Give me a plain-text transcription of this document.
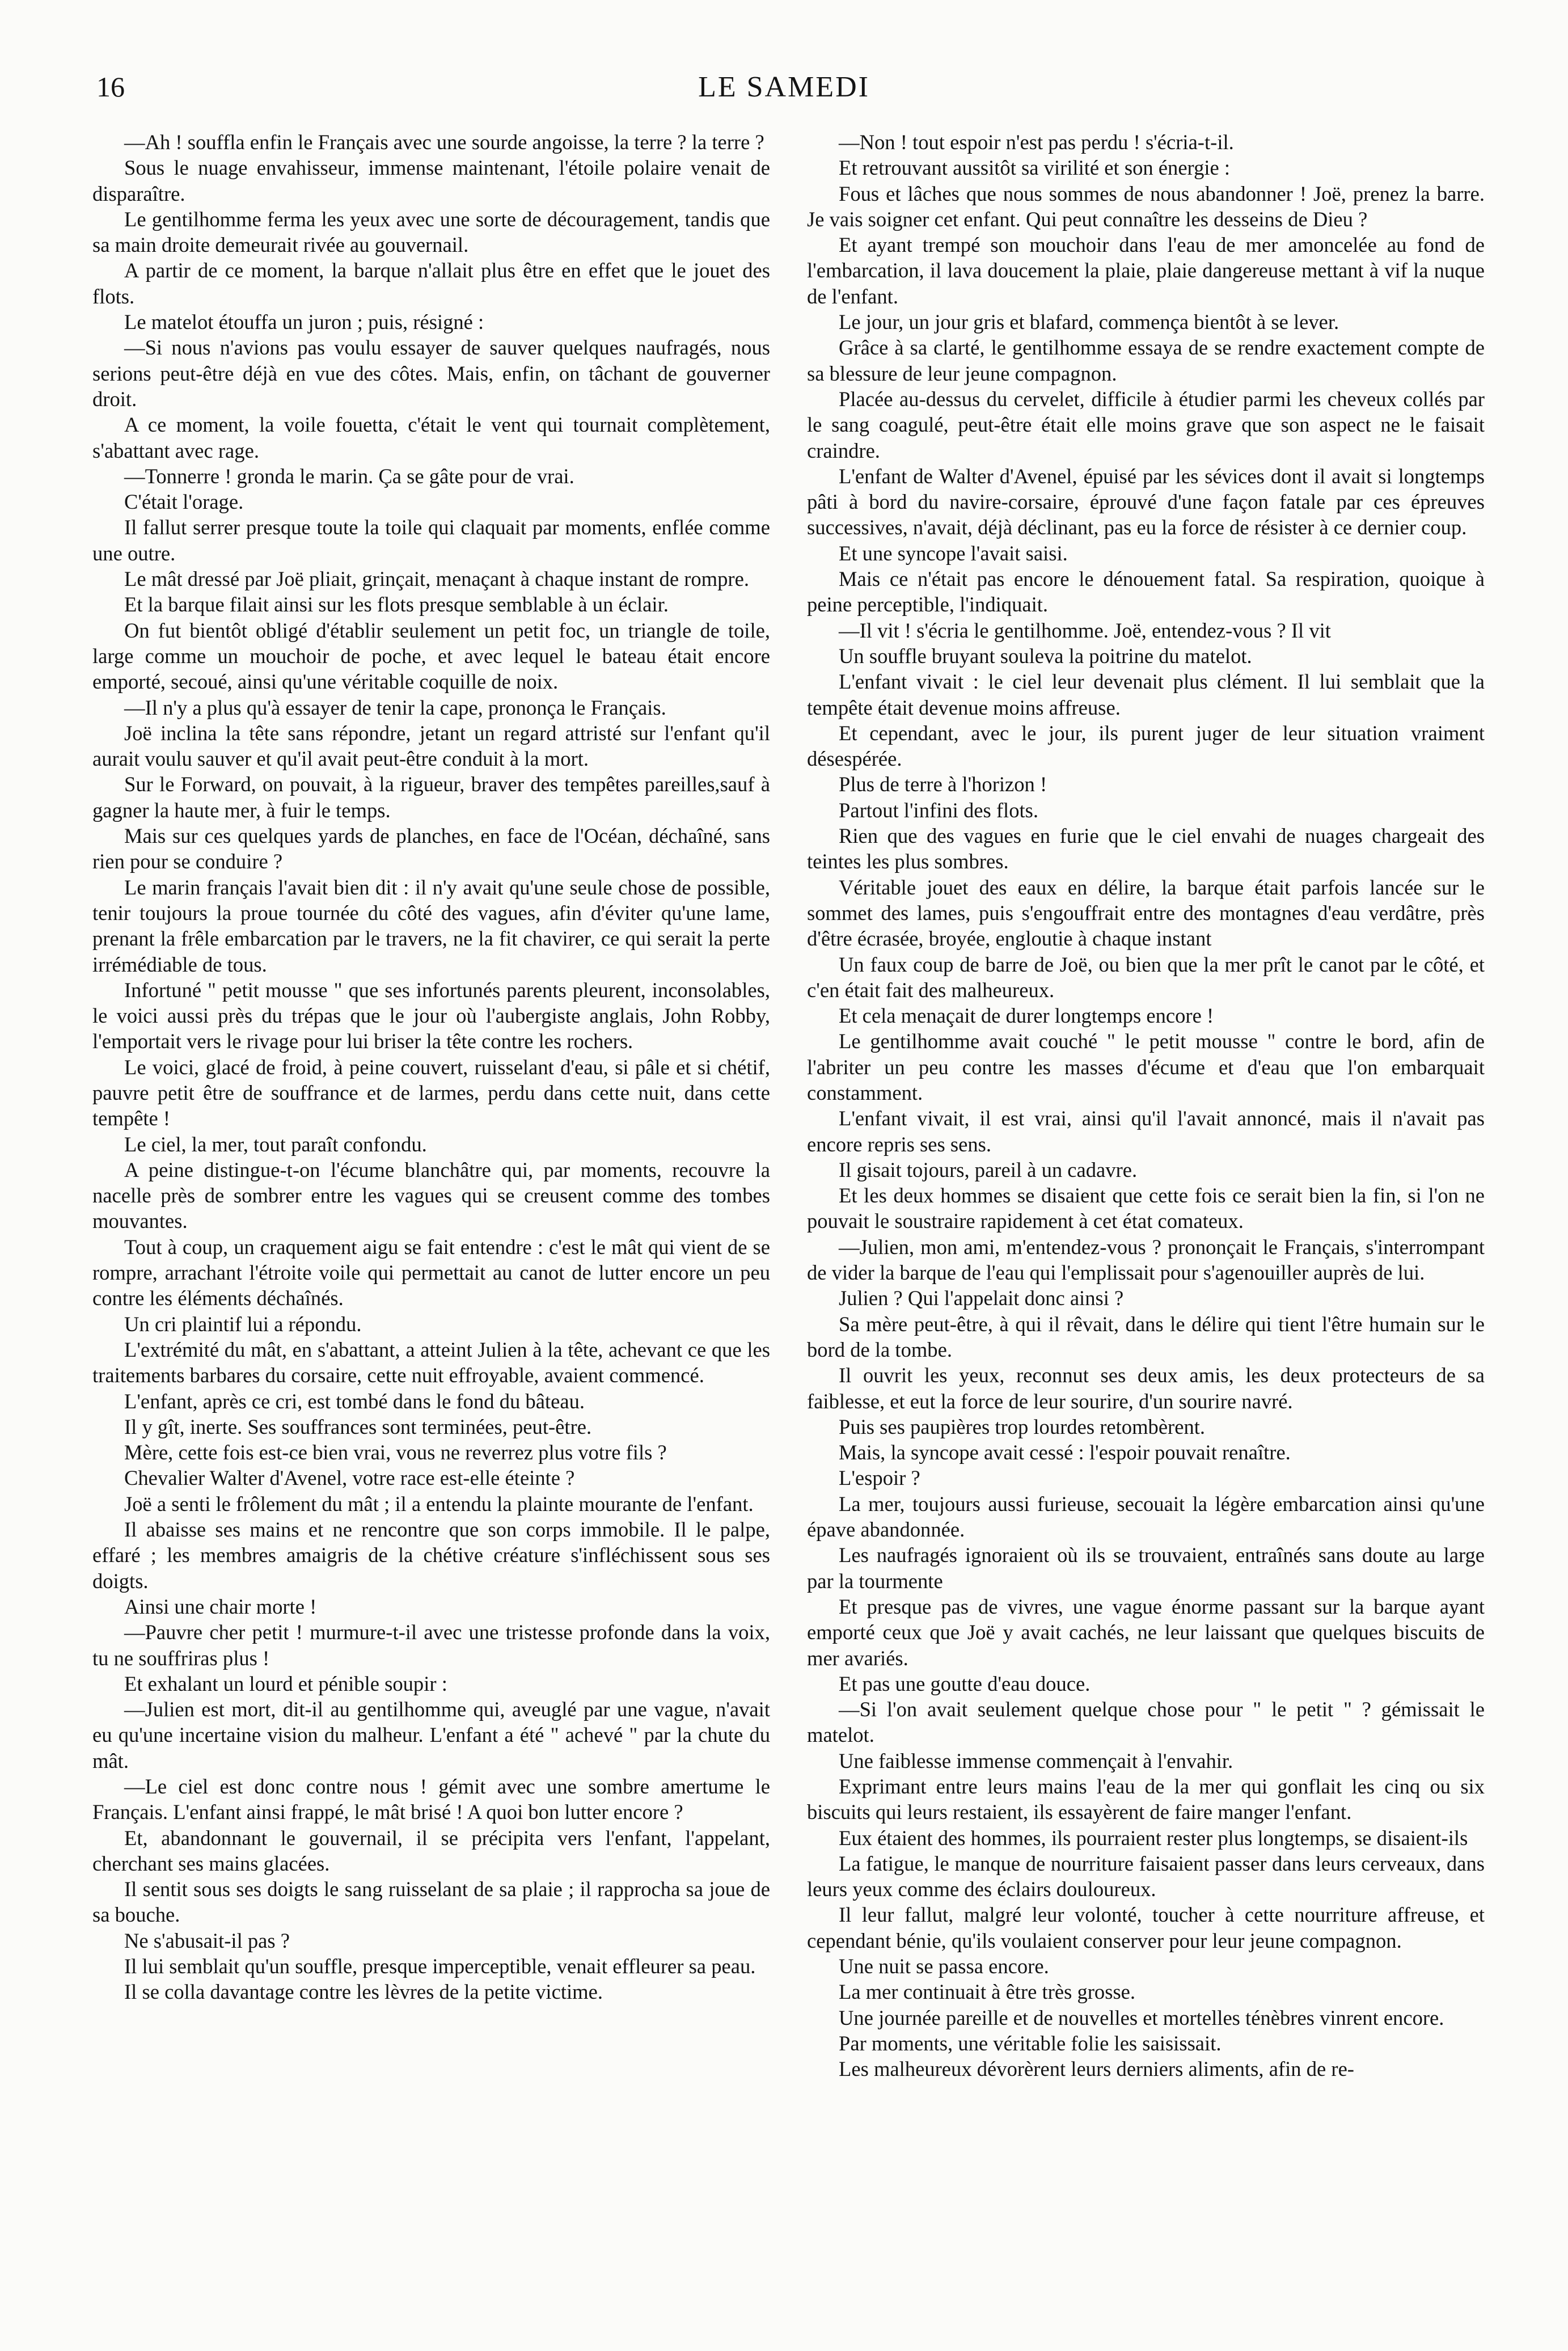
16	LE SAMEDI

—Ah ! souffla enfin le Français avec une sourde angoisse, la terre ? la terre ?

Sous le nuage envahisseur, immense maintenant, l'étoile polaire venait de disparaître.

Le gentilhomme ferma les yeux avec une sorte de découragement, tandis que sa main droite demeurait rivée au gouvernail.

A partir de ce moment, la barque n'allait plus être en effet que le jouet des flots.

Le matelot étouffa un juron ; puis, résigné :

—Si nous n'avions pas voulu essayer de sauver quelques naufragés, nous serions peut-être déjà en vue des côtes. Mais, enfin, on tâchant de gouverner droit.

A ce moment, la voile fouetta, c'était le vent qui tournait complètement, s'abattant avec rage.

—Tonnerre ! gronda le marin. Ça se gâte pour de vrai.

C'était l'orage.

Il fallut serrer presque toute la toile qui claquait par moments, enflée comme une outre.

Le mât dressé par Joë pliait, grinçait, menaçant à chaque instant de rompre.

Et la barque filait ainsi sur les flots presque semblable à un éclair.

On fut bientôt obligé d'établir seulement un petit foc, un triangle de toile, large comme un mouchoir de poche, et avec lequel le bateau était encore emporté, secoué, ainsi qu'une véritable coquille de noix.

—Il n'y a plus qu'à essayer de tenir la cape, prononça le Français.

Joë inclina la tête sans répondre, jetant un regard attristé sur l'enfant qu'il aurait voulu sauver et qu'il avait peut-être conduit à la mort.

Sur le Forward, on pouvait, à la rigueur, braver des tempêtes pareilles,sauf à gagner la haute mer, à fuir le temps.

Mais sur ces quelques yards de planches, en face de l'Océan, déchaîné, sans rien pour se conduire ?

Le marin français l'avait bien dit : il n'y avait qu'une seule chose de possible, tenir toujours la proue tournée du côté des vagues, afin d'éviter qu'une lame, prenant la frêle embarcation par le travers, ne la fit chavirer, ce qui serait la perte irrémédiable de tous.

Infortuné " petit mousse " que ses infortunés parents pleurent, inconsolables, le voici aussi près du trépas que le jour où l'aubergiste anglais, John Robby, l'emportait vers le rivage pour lui briser la tête contre les rochers.

Le voici, glacé de froid, à peine couvert, ruisselant d'eau, si pâle et si chétif, pauvre petit être de souffrance et de larmes, perdu dans cette nuit, dans cette tempête !

Le ciel, la mer, tout paraît confondu.

A peine distingue-t-on l'écume blanchâtre qui, par moments, recouvre la nacelle près de sombrer entre les vagues qui se creusent comme des tombes mouvantes.

Tout à coup, un craquement aigu se fait entendre : c'est le mât qui vient de se rompre, arrachant l'étroite voile qui permettait au canot de lutter encore un peu contre les éléments déchaînés.

Un cri plaintif lui a répondu.

L'extrémité du mât, en s'abattant, a atteint Julien à la tête, achevant ce que les traitements barbares du corsaire, cette nuit effroyable, avaient commencé.

L'enfant, après ce cri, est tombé dans le fond du bâteau.

Il y gît, inerte. Ses souffrances sont terminées, peut-être.

Mère, cette fois est-ce bien vrai, vous ne reverrez plus votre fils ?

Chevalier Walter d'Avenel, votre race est-elle éteinte ?

Joë a senti le frôlement du mât ; il a entendu la plainte mourante de l'enfant.

Il abaisse ses mains et ne rencontre que son corps immobile. Il le palpe, effaré ; les membres amaigris de la chétive créature s'infléchissent sous ses doigts.

Ainsi une chair morte !

—Pauvre cher petit ! murmure-t-il avec une tristesse profonde dans la voix, tu ne souffriras plus !

Et exhalant un lourd et pénible soupir :

—Julien est mort, dit-il au gentilhomme qui, aveuglé par une vague, n'avait eu qu'une incertaine vision du malheur. L'enfant a été " achevé " par la chute du mât.

—Le ciel est donc contre nous ! gémit avec une sombre amertume le Français. L'enfant ainsi frappé, le mât brisé ! A quoi bon lutter encore ?

Et, abandonnant le gouvernail, il se précipita vers l'enfant, l'appelant, cherchant ses mains glacées.

Il sentit sous ses doigts le sang ruisselant de sa plaie ; il rapprocha sa joue de sa bouche.

Ne s'abusait-il pas ?

Il lui semblait qu'un souffle, presque imperceptible, venait effleurer sa peau.

Il se colla davantage contre les lèvres de la petite victime.

—Non ! tout espoir n'est pas perdu ! s'écria-t-il.

Et retrouvant aussitôt sa virilité et son énergie :

Fous et lâches que nous sommes de nous abandonner ! Joë, prenez la barre. Je vais soigner cet enfant. Qui peut connaître les desseins de Dieu ?

Et ayant trempé son mouchoir dans l'eau de mer amoncelée au fond de l'embarcation, il lava doucement la plaie, plaie dangereuse mettant à vif la nuque de l'enfant.

Le jour, un jour gris et blafard, commença bientôt à se lever.

Grâce à sa clarté, le gentilhomme essaya de se rendre exactement compte de sa blessure de leur jeune compagnon.

Placée au-dessus du cervelet, difficile à étudier parmi les cheveux collés par le sang coagulé, peut-être était elle moins grave que son aspect ne le faisait craindre.

L'enfant de Walter d'Avenel, épuisé par les sévices dont il avait si longtemps pâti à bord du navire-corsaire, éprouvé d'une façon fatale par ces épreuves successives, n'avait, déjà déclinant, pas eu la force de résister à ce dernier coup.

Et une syncope l'avait saisi.

Mais ce n'était pas encore le dénouement fatal. Sa respiration, quoique à peine perceptible, l'indiquait.

—Il vit ! s'écria le gentilhomme. Joë, entendez-vous ? Il vit

Un souffle bruyant souleva la poitrine du matelot.

L'enfant vivait : le ciel leur devenait plus clément. Il lui semblait que la tempête était devenue moins affreuse.

Et cependant, avec le jour, ils purent juger de leur situation vraiment désespérée.

Plus de terre à l'horizon !

Partout l'infini des flots.

Rien que des vagues en furie que le ciel envahi de nuages chargeait des teintes les plus sombres.

Véritable jouet des eaux en délire, la barque était parfois lancée sur le sommet des lames, puis s'engouffrait entre des montagnes d'eau verdâtre, près d'être écrasée, broyée, engloutie à chaque instant

Un faux coup de barre de Joë, ou bien que la mer prît le canot par le côté, et c'en était fait des malheureux.

Et cela menaçait de durer longtemps encore !

Le gentilhomme avait couché " le petit mousse " contre le bord, afin de l'abriter un peu contre les masses d'écume et d'eau que l'on embarquait constamment.

L'enfant vivait, il est vrai, ainsi qu'il l'avait annoncé, mais il n'avait pas encore repris ses sens.

Il gisait tojours, pareil à un cadavre.

Et les deux hommes se disaient que cette fois ce serait bien la fin, si l'on ne pouvait le soustraire rapidement à cet état comateux.

—Julien, mon ami, m'entendez-vous ? prononçait le Français, s'interrompant de vider la barque de l'eau qui l'emplissait pour s'agenouiller auprès de lui.

Julien ? Qui l'appelait donc ainsi ?

Sa mère peut-être, à qui il rêvait, dans le délire qui tient l'être humain sur le bord de la tombe.

Il ouvrit les yeux, reconnut ses deux amis, les deux protecteurs de sa faiblesse, et eut la force de leur sourire, d'un sourire navré.

Puis ses paupières trop lourdes retombèrent.

Mais, la syncope avait cessé : l'espoir pouvait renaître.

L'espoir ?

La mer, toujours aussi furieuse, secouait la légère embarcation ainsi qu'une épave abandonnée.

Les naufragés ignoraient où ils se trouvaient, entraînés sans doute au large par la tourmente

Et presque pas de vivres, une vague énorme passant sur la barque ayant emporté ceux que Joë y avait cachés, ne leur laissant que quelques biscuits de mer avariés.

Et pas une goutte d'eau douce.

—Si l'on avait seulement quelque chose pour " le petit " ? gémissait le matelot.

Une faiblesse immense commençait à l'envahir.

Exprimant entre leurs mains l'eau de la mer qui gonflait les cinq ou six biscuits qui leurs restaient, ils essayèrent de faire manger l'enfant.

Eux étaient des hommes, ils pourraient rester plus longtemps, se disaient-ils

La fatigue, le manque de nourriture faisaient passer dans leurs cerveaux, dans leurs yeux comme des éclairs douloureux.

Il leur fallut, malgré leur volonté, toucher à cette nourriture affreuse, et cependant bénie, qu'ils voulaient conserver pour leur jeune compagnon.

Une nuit se passa encore.

La mer continuait à être très grosse.

Une journée pareille et de nouvelles et mortelles ténèbres vinrent encore.

Par moments, une véritable folie les saisissait.

Les malheureux dévorèrent leurs derniers aliments, afin de re-
